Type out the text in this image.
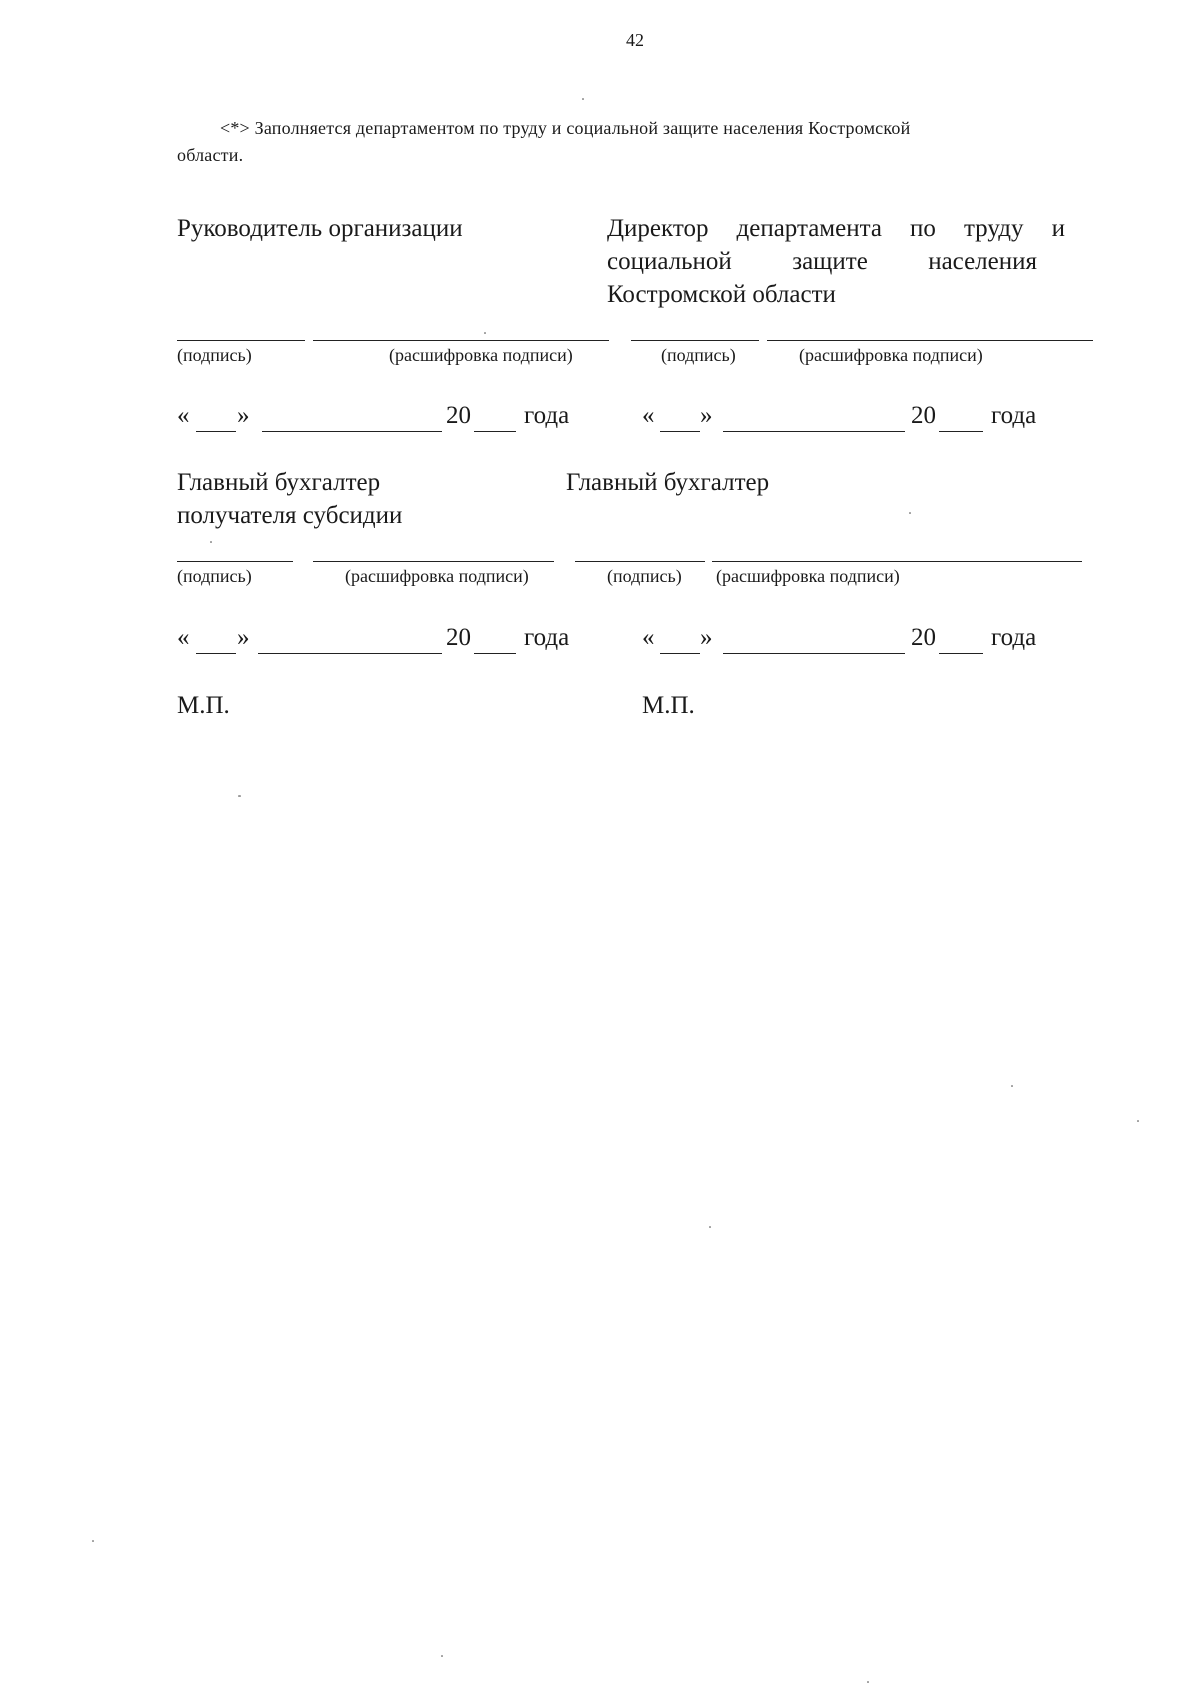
42
<*> Заполняется департаментом по труду и социальной защите населения Костромской
области.
Руководитель организации	Директор департамента по труду и
социальной защите населения
Костромской области
(подпись)	(расшифровка подписи)	(подпись)	(расшифровка подписи)
« »	20 года	« »	20 года
Главный бухгалтер
получателя субсидии
Главный бухгалтер
(подпись)	(расшифровка подписи)	(подпись) (расшифровка подписи)
« »	20 года	« »	20 года
М.П.	М.П.
